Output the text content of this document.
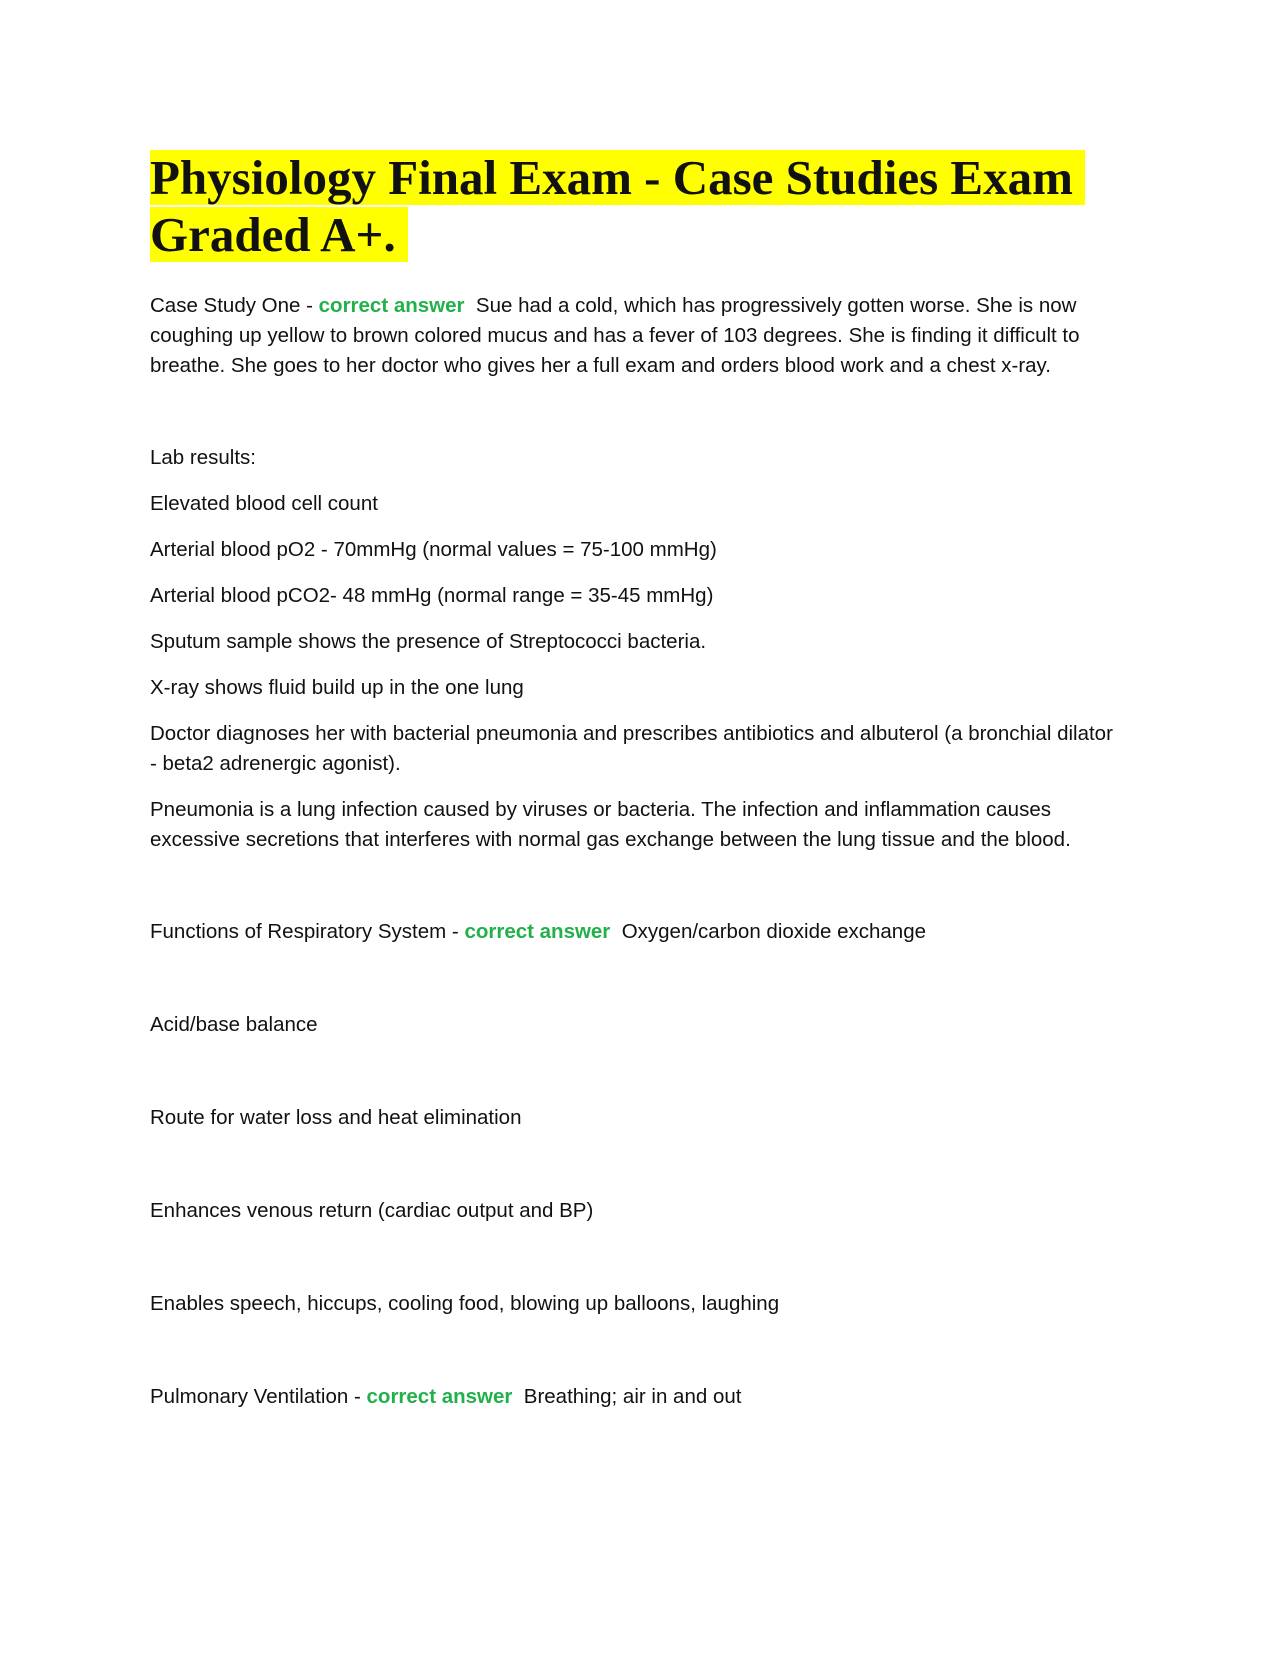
Physiology Final Exam - Case Studies Exam Graded A+.

Case Study One - correct answer Sue had a cold, which has progressively gotten worse. She is now coughing up yellow to brown colored mucus and has a fever of 103 degrees. She is finding it difficult to breathe. She goes to her doctor who gives her a full exam and orders blood work and a chest x-ray.

Lab results:

Elevated blood cell count

Arterial blood pO2 - 70mmHg (normal values = 75-100 mmHg)

Arterial blood pCO2- 48 mmHg (normal range = 35-45 mmHg)

Sputum sample shows the presence of Streptococci bacteria.

X-ray shows fluid build up in the one lung

Doctor diagnoses her with bacterial pneumonia and prescribes antibiotics and albuterol (a bronchial dilator - beta2 adrenergic agonist).

Pneumonia is a lung infection caused by viruses or bacteria. The infection and inflammation causes excessive secretions that interferes with normal gas exchange between the lung tissue and the blood.

Functions of Respiratory System - correct answer Oxygen/carbon dioxide exchange

Acid/base balance

Route for water loss and heat elimination

Enhances venous return (cardiac output and BP)

Enables speech, hiccups, cooling food, blowing up balloons, laughing

Pulmonary Ventilation - correct answer Breathing; air in and out
